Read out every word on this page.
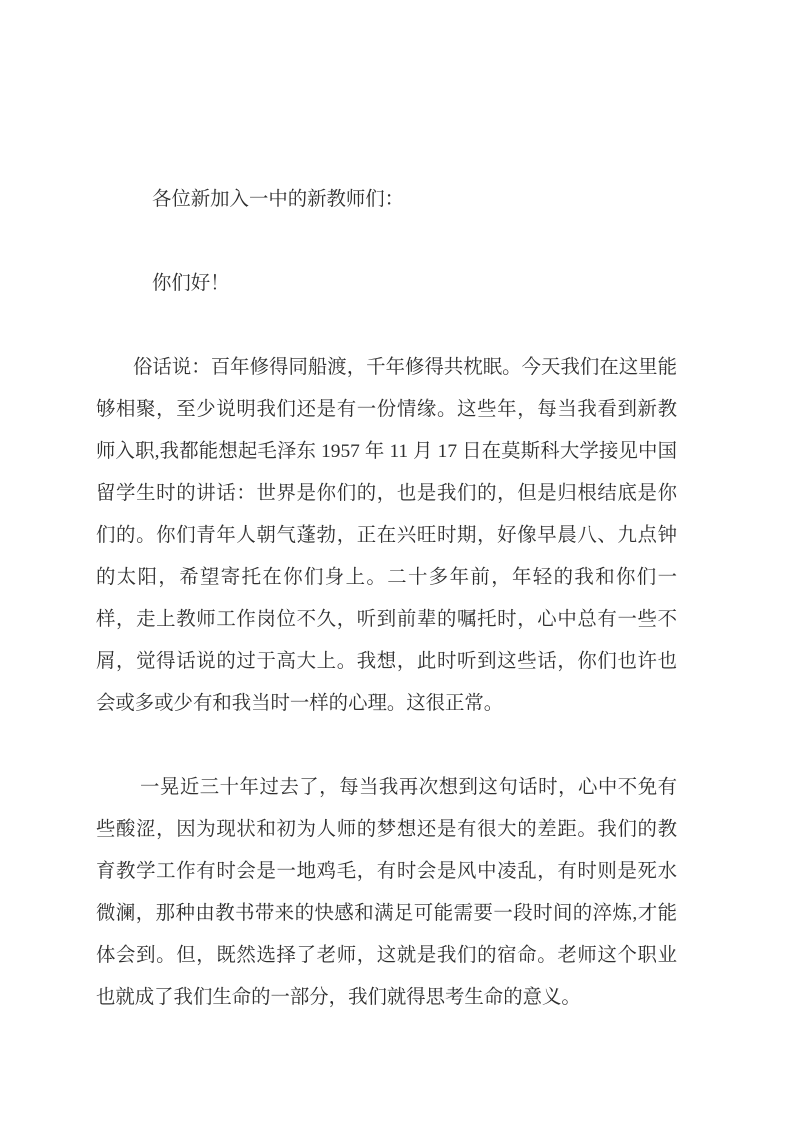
各位新加入一中的新教师们：

你们好！

俗话说：百年修得同船渡，千年修得共枕眠。今天我们在这里能够相聚，至少说明我们还是有一份情缘。这些年，每当我看到新教师入职,我都能想起毛泽东 1957 年 11 月 17 日在莫斯科大学接见中国留学生时的讲话：世界是你们的，也是我们的，但是归根结底是你们的。你们青年人朝气蓬勃，正在兴旺时期，好像早晨八、九点钟的太阳，希望寄托在你们身上。二十多年前，年轻的我和你们一样，走上教师工作岗位不久，听到前辈的嘱托时，心中总有一些不屑，觉得话说的过于高大上。我想，此时听到这些话，你们也许也会或多或少有和我当时一样的心理。这很正常。

一晃近三十年过去了，每当我再次想到这句话时，心中不免有些酸涩，因为现状和初为人师的梦想还是有很大的差距。我们的教育教学工作有时会是一地鸡毛，有时会是风中凌乱，有时则是死水微澜，那种由教书带来的快感和满足可能需要一段时间的淬炼,才能体会到。但，既然选择了老师，这就是我们的宿命。老师这个职业也就成了我们生命的一部分，我们就得思考生命的意义。
